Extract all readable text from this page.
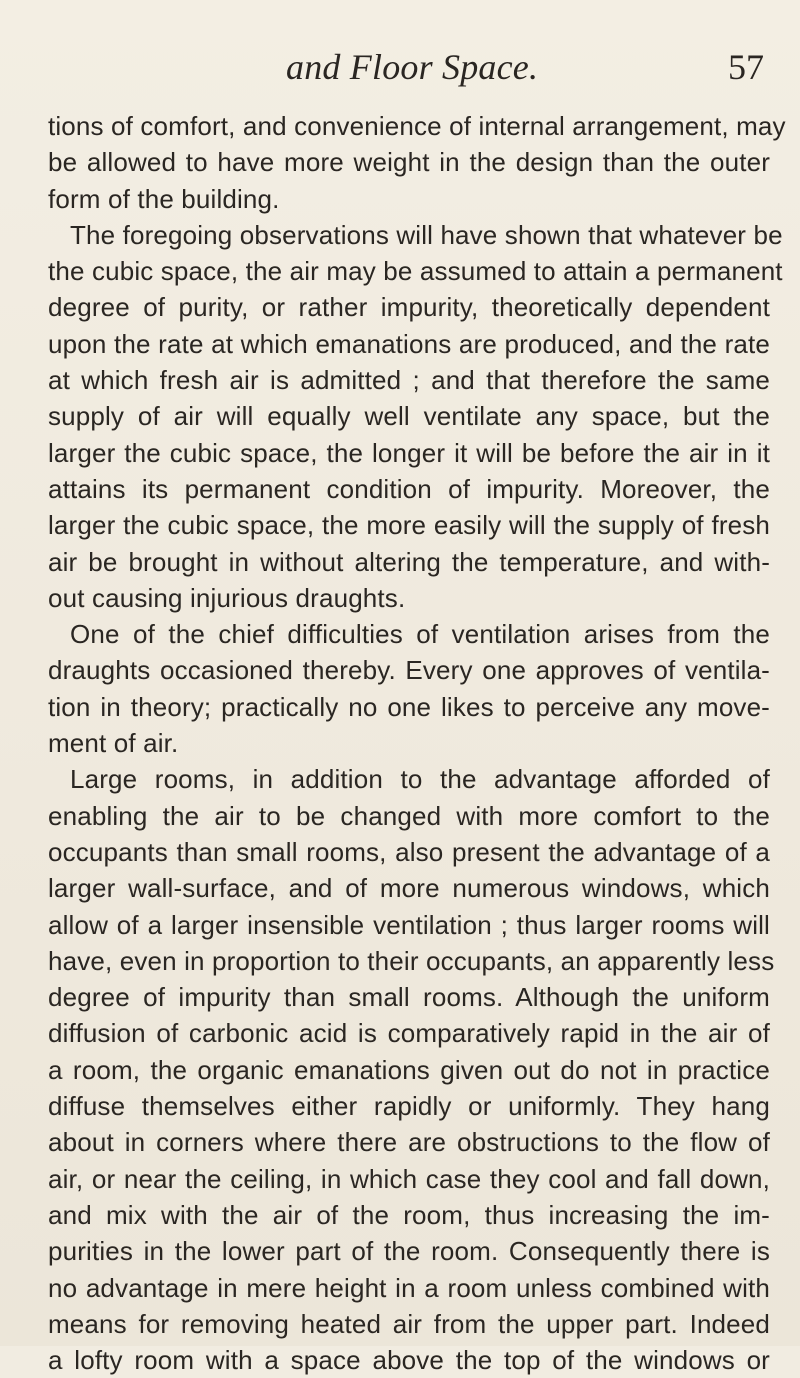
and Floor Space.	57
tions of comfort, and convenience of internal arrangement, may
be allowed to have more weight in the design than the outer
form of the building.
The foregoing observations will have shown that whatever be
the cubic space, the air may be assumed to attain a permanent
degree of purity, or rather impurity, theoretically dependent
upon the rate at which emanations are produced, and the rate
at which fresh air is admitted ; and that therefore the same
supply of air will equally well ventilate any space, but the
larger the cubic space, the longer it will be before the air in it
attains its permanent condition of impurity. Moreover, the
larger the cubic space, the more easily will the supply of fresh
air be brought in without altering the temperature, and with-
out causing injurious draughts.
One of the chief difficulties of ventilation arises from the
draughts occasioned thereby. Every one approves of ventila-
tion in theory; practically no one likes to perceive any move-
ment of air.
Large rooms, in addition to the advantage afforded of
enabling the air to be changed with more comfort to the
occupants than small rooms, also present the advantage of a
larger wall-surface, and of more numerous windows, which
allow of a larger insensible ventilation ; thus larger rooms will
have, even in proportion to their occupants, an apparently less
degree of impurity than small rooms. Although the uniform
diffusion of carbonic acid is comparatively rapid in the air of
a room, the organic emanations given out do not in practice
diffuse themselves either rapidly or uniformly. They hang
about in corners where there are obstructions to the flow of
air, or near the ceiling, in which case they cool and fall down,
and mix with the air of the room, thus increasing the im-
purities in the lower part of the room. Consequently there is
no advantage in mere height in a room unless combined with
means for removing heated air from the upper part. Indeed
a lofty room with a space above the top of the windows or
